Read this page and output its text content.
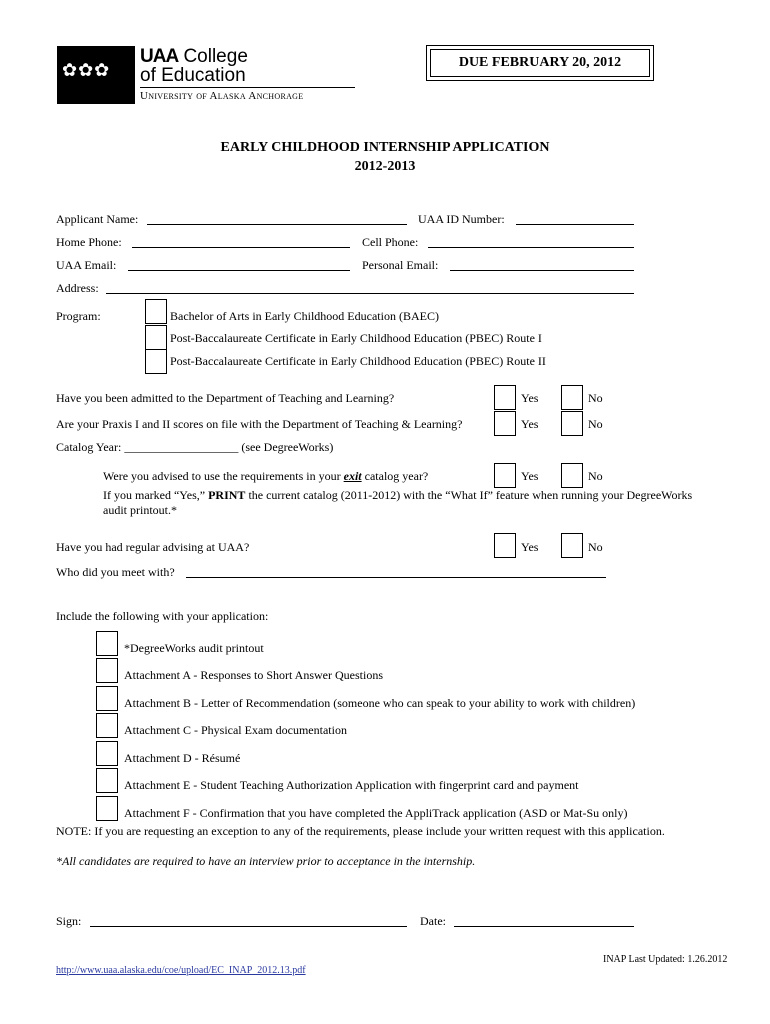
✿✿✿
UAA College
of Education
University of Alaska Anchorage
DUE FEBRUARY 20, 2012
EARLY CHILDHOOD INTERNSHIP APPLICATION
2012-2013
Applicant Name:	UAA ID Number:
Home Phone:	Cell Phone:
UAA Email:	Personal Email:
Address:
Program:	Bachelor of Arts in Early Childhood Education (BAEC)
Post-Baccalaureate Certificate in Early Childhood Education (PBEC) Route I
Post-Baccalaureate Certificate in Early Childhood Education (PBEC) Route II
Have you been admitted to the Department of Teaching and Learning?	Yes	No
Are your Praxis I and II scores on file with the Department of Teaching & Learning?	Yes	No
Catalog Year: ___________________ (see DegreeWorks)
Were you advised to use the requirements in your exit catalog year?	Yes	No
If you marked “Yes,” PRINT the current catalog (2011-2012) with the “What If” feature when running your DegreeWorks
audit printout.*
Have you had regular advising at UAA?	Yes	No
Who did you meet with?
Include the following with your application:
*DegreeWorks audit printout
Attachment A - Responses to Short Answer Questions
Attachment B - Letter of Recommendation (someone who can speak to your ability to work with children)
Attachment C - Physical Exam documentation
Attachment D - Résumé
Attachment E - Student Teaching Authorization Application with fingerprint card and payment
Attachment F - Confirmation that you have completed the AppliTrack application (ASD or Mat-Su only)
NOTE: If you are requesting an exception to any of the requirements, please include your written request with this application.
*All candidates are required to have an interview prior to acceptance in the internship.
Sign:	Date:
INAP Last Updated: 1.26.2012
http://www.uaa.alaska.edu/coe/upload/EC_INAP_2012.13.pdf
